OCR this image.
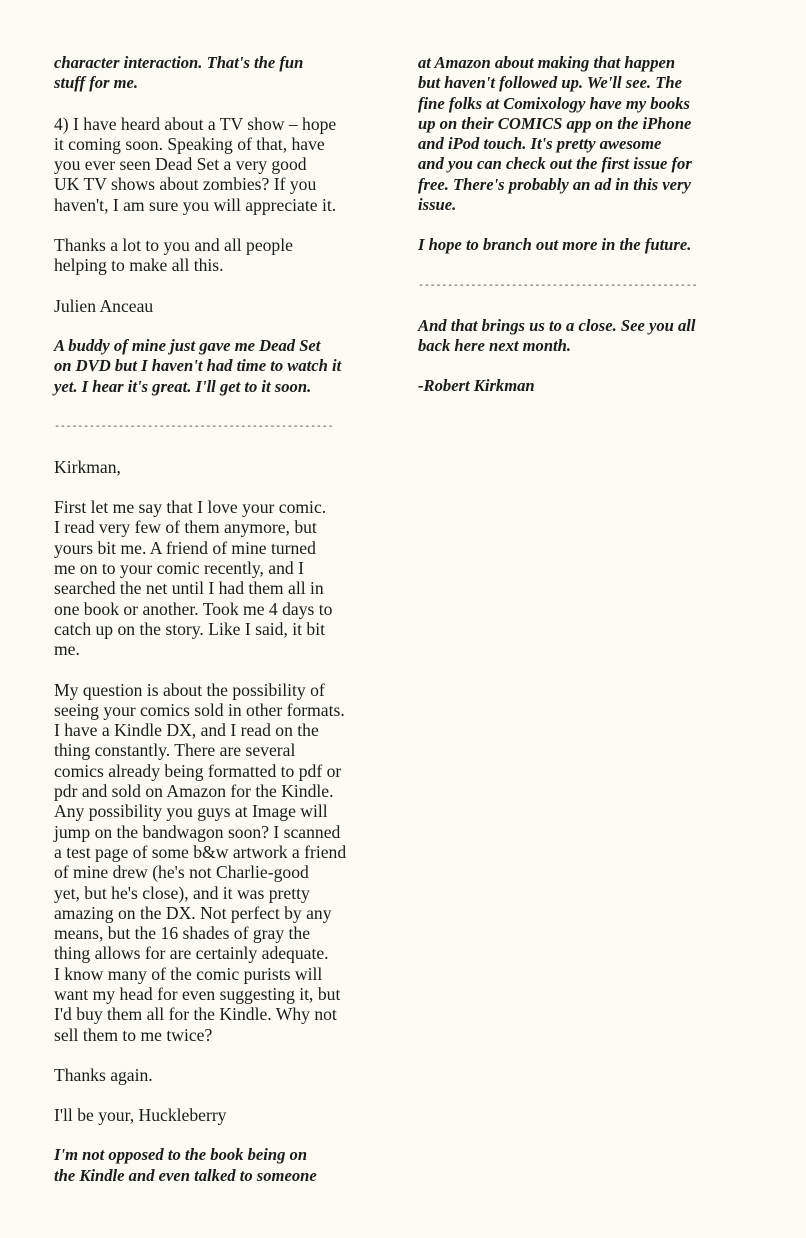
character interaction. That's the fun
stuff for me.

4) I have heard about a TV show – hope
it coming soon. Speaking of that, have
you ever seen Dead Set a very good
UK TV shows about zombies? If you
haven't, I am sure you will appreciate it.

Thanks a lot to you and all people
helping to make all this.

Julien Anceau

A buddy of mine just gave me Dead Set
on DVD but I haven't had time to watch it
yet. I hear it's great. I'll get to it soon.

------------------------------------------------

Kirkman,

First let me say that I love your comic.
I read very few of them anymore, but
yours bit me. A friend of mine turned
me on to your comic recently, and I
searched the net until I had them all in
one book or another. Took me 4 days to
catch up on the story. Like I said, it bit
me.

My question is about the possibility of
seeing your comics sold in other formats.
I have a Kindle DX, and I read on the
thing constantly. There are several
comics already being formatted to pdf or
pdr and sold on Amazon for the Kindle.
Any possibility you guys at Image will
jump on the bandwagon soon? I scanned
a test page of some b&w artwork a friend
of mine drew (he's not Charlie-good
yet, but he's close), and it was pretty
amazing on the DX. Not perfect by any
means, but the 16 shades of gray the
thing allows for are certainly adequate.
I know many of the comic purists will
want my head for even suggesting it, but
I'd buy them all for the Kindle. Why not
sell them to me twice?

Thanks again.

I'll be your, Huckleberry

I'm not opposed to the book being on
the Kindle and even talked to someone

at Amazon about making that happen
but haven't followed up. We'll see. The
fine folks at Comixology have my books
up on their COMICS app on the iPhone
and iPod touch. It's pretty awesome
and you can check out the first issue for
free. There's probably an ad in this very
issue.

I hope to branch out more in the future.

------------------------------------------------

And that brings us to a close. See you all
back here next month.

-Robert Kirkman
